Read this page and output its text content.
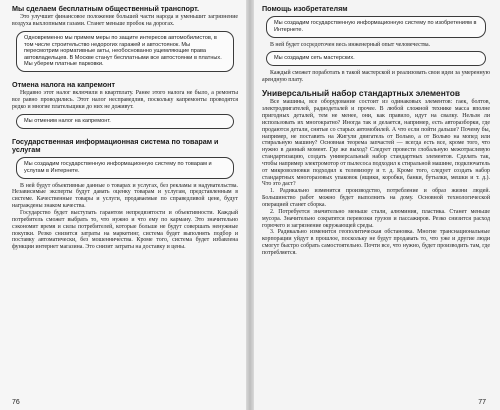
Мы сделаем бесплатным общественный транспорт.

Это улучшит финансовое положение большей части народа и уменьшит загрязнение воздуха выхлопными газами. Станет меньше пробок на дорогах.

Одновременно мы примем меры по защите интересов автомобилистов, в том числе строительство недорогих гаражей и автостоянок. Мы пересмотрим нормативные акты, необоснованно ущемляющие права автовладельцев. В Москве станут бесплатными все автостоянки в платных. Мы уберем платные парковки.

Отмена налога на капремонт

Недавно этот налог включили в квартплату. Ранее этого налога не было, а ремонты все равно проводились. Этот налог несправедлив, поскольку капремонты проводятся редко и многие плательщики до них не доживут.

Мы отменим налог на капремонт.

Государственная информационная система по товарам и услугам

Мы создадим государственную информационную систему по товарам и услугам в Интернете.

В ней будут объективные данные о товарах и услугах, без рекламы и надувательства. Независимые эксперты будут давать оценку товарам и услугам, представленным в системе. Качественные товары и услуги, продаваемые по справедливой цене, будут награждены знаком качества.

Государство будет выступать гарантом непредвзятости и объективности. Каждый потребитель сможет выбрать то, что нужно и что ему по карману. Это значительно сэкономит время и силы потребителей, которые больше не будут совершать ненужные покупки. Резко снизится затраты на маркетинг, система будет выполнять подбор и поставку автоматически, без мошенничества. Кроме того, система будет избавлена функции интернет магазина. Это снизит затраты на доставку и цены.

76
Помощь изобретателям

Мы создадим государственную информационную систему по изобретениям в Интернете.

В ней будет сосредоточен весь инженерный опыт человечества.

Мы создадим сеть мастерских.

Каждый сможет поработать в такой мастерской и реализовать свои идеи за умеренную арендную плату.

Универсальный набор стандартных элементов

Все машины, все оборудование состоит из одинаковых элементов: гаек, болтов, электродвигателей, радиодеталей и прочее. В любой сложной технике масса вполне пригодных деталей, тем не менее, они, как правило, идут на свалку. Нельзя ли использовать их многократно? Иногда так и делается, например, есть авторазборки, где продаются детали, снятые со старых автомобилей. А что если пойти дальше? Почему бы, например, не поставить на Жигули двигатель от Вольво, а от Вольво на мопед или стиральную машину? Основная теорема запчастей — всегда есть все, кроме того, что нужно в данный момент. Где же выход? Следует провести глобальную межотраслевую стандартизацию, создать универсальный набор стандартных элементов. Сделать так, чтобы например электромотор от пылесоса подходил к стиральной машине, подключатель от микроволновки подходил к телевизору и т. д. Кроме того, следует создать набор стандартных многоразовых упаковок (ящики, коробки, банки, бутылки, мешки и т. д.). Что это даст?

1. Радикально изменится производство, потребление и образ жизни людей. Большинство работ можно будет выполнить на дому. Основной технологической операцией станет сборка.

2. Потребуется значительно меньше стали, алюминия, пластика. Станет меньше мусора. Значительно сократятся перевозки грузов и пассажиров. Резко снизится расход горючего и загрязнение окружающей среды.

3. Радикально изменится геополитическая обстановка. Многие транснациональные корпорации уйдут в прошлое, поскольку не будут продавать то, что уже и другие люди смогут быстро собрать самостоятельно. Почти все, что нужно, будет производить там, где потребляется.

77
